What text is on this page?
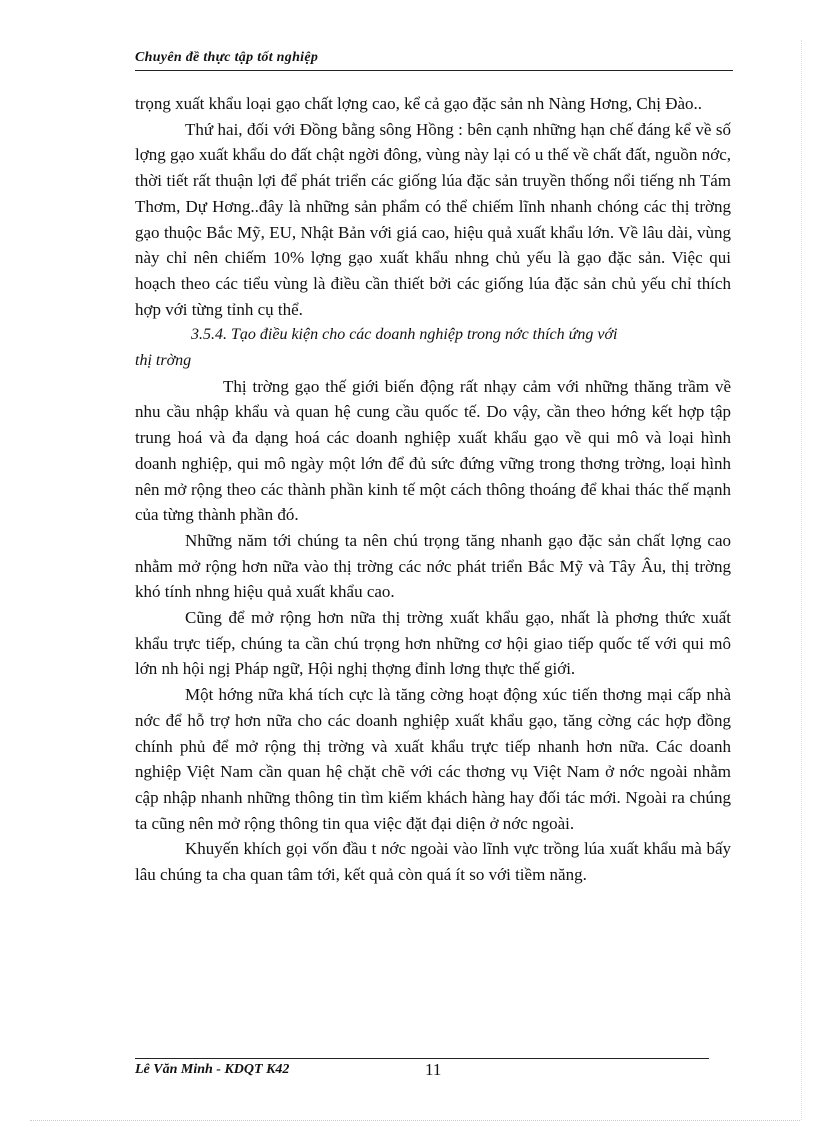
Chuyên đề thực tập tốt nghiệp

trọng xuất khẩu loại gạo chất lợng cao, kể cả gạo đặc sản nh Nàng Hơng, Chị Đào..

Thứ hai, đối với Đồng bằng sông Hồng : bên cạnh những hạn chế đáng kể về số lợng gạo xuất khẩu do đất chật ngời đông, vùng này lại có u thế về chất đất, nguồn nớc, thời tiết rất thuận lợi để phát triển các giống lúa đặc sản truyền thống nổi tiếng nh Tám Thơm, Dự Hơng..đây là những sản phẩm có thể chiếm lĩnh nhanh chóng các thị trờng gạo thuộc Bắc Mỹ, EU, Nhật Bản với giá cao, hiệu quả xuất khẩu lớn. Về lâu dài, vùng này chỉ nên chiếm 10% lợng gạo xuất khẩu nhng chủ yếu là gạo đặc sản. Việc qui hoạch theo các tiểu vùng là điều cần thiết bởi các giống lúa đặc sản chủ yếu chỉ thích hợp với từng tỉnh cụ thể.

3.5.4. Tạo điều kiện cho các doanh nghiệp trong nớc thích ứng với
thị trờng

Thị trờng gạo thế giới biến động rất nhạy cảm với những thăng trầm về nhu cầu nhập khẩu và quan hệ cung cầu quốc tế. Do vậy, cần theo hớng kết hợp tập trung hoá và đa dạng hoá các doanh nghiệp xuất khẩu gạo về qui mô và loại hình doanh nghiệp, qui mô ngày một lớn để đủ sức đứng vững trong thơng trờng, loại hình nên mở rộng theo các thành phần kinh tế một cách thông thoáng để khai thác thế mạnh của từng thành phần đó.

Những năm tới chúng ta nên chú trọng tăng nhanh gạo đặc sản chất lợng cao nhằm mở rộng hơn nữa vào thị trờng các nớc phát triển Bắc Mỹ và Tây Âu, thị trờng khó tính nhng hiệu quả xuất khẩu cao.

Cũng để mở rộng hơn nữa thị trờng xuất khẩu gạo, nhất là phơng thức xuất khẩu trực tiếp, chúng ta cần chú trọng hơn những cơ hội giao tiếp quốc tế với qui mô lớn nh hội ngị Pháp ngữ, Hội nghị thợng đỉnh lơng thực thế giới.

Một hớng nữa khá tích cực là tăng cờng hoạt động xúc tiến thơng mại cấp nhà nớc để hỗ trợ hơn nữa cho các doanh nghiệp xuất khẩu gạo, tăng cờng các hợp đồng chính phủ để mở rộng thị trờng và xuất khẩu trực tiếp nhanh hơn nữa. Các doanh nghiệp Việt Nam cần quan hệ chặt chẽ với các thơng vụ Việt Nam ở nớc ngoài nhằm cập nhập nhanh những thông tin tìm kiếm khách hàng hay đối tác mới. Ngoài ra chúng ta cũng nên mở rộng thông tin qua việc đặt đại diện ở nớc ngoài.

Khuyến khích gọi vốn đầu t nớc ngoài vào lĩnh vực trồng lúa xuất khẩu mà bấy lâu chúng ta cha quan tâm tới, kết quả còn quá ít so với tiềm năng.

Lê Văn Minh - KDQT K42	11
